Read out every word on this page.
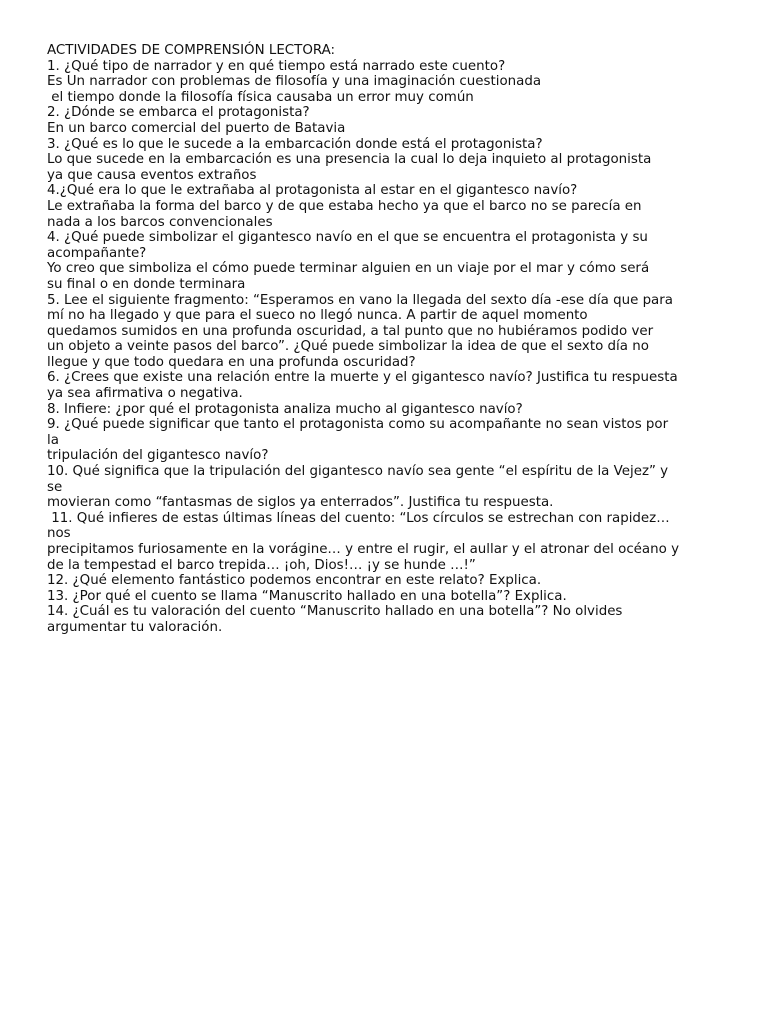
ACTIVIDADES DE COMPRENSIÓN LECTORA:
1. ¿Qué tipo de narrador y en qué tiempo está narrado este cuento?
Es Un narrador con problemas de filosofía y una imaginación cuestionada
el tiempo donde la filosofía física causaba un error muy común
2. ¿Dónde se embarca el protagonista?
En un barco comercial del puerto de Batavia
3. ¿Qué es lo que le sucede a la embarcación donde está el protagonista?
Lo que sucede en la embarcación es una presencia la cual lo deja inquieto al protagonista
ya que causa eventos extraños
4.¿Qué era lo que le extrañaba al protagonista al estar en el gigantesco navío?
Le extrañaba la forma del barco y de que estaba hecho ya que el barco no se parecía en
nada a los barcos convencionales
4. ¿Qué puede simbolizar el gigantesco navío en el que se encuentra el protagonista y su
acompañante?
Yo creo que simboliza el cómo puede terminar alguien en un viaje por el mar y cómo será
su final o en donde terminara
5. Lee el siguiente fragmento: “Esperamos en vano la llegada del sexto día -ese día que para
mí no ha llegado y que para el sueco no llegó nunca. A partir de aquel momento
quedamos sumidos en una profunda oscuridad, a tal punto que no hubiéramos podido ver
un objeto a veinte pasos del barco”. ¿Qué puede simbolizar la idea de que el sexto día no
llegue y que todo quedara en una profunda oscuridad?
6. ¿Crees que existe una relación entre la muerte y el gigantesco navío? Justifica tu respuesta
ya sea afirmativa o negativa.
8. Infiere: ¿por qué el protagonista analiza mucho al gigantesco navío?
9. ¿Qué puede significar que tanto el protagonista como su acompañante no sean vistos por
la
tripulación del gigantesco navío?
10. Qué significa que la tripulación del gigantesco navío sea gente “el espíritu de la Vejez” y
se
movieran como “fantasmas de siglos ya enterrados”. Justifica tu respuesta.
11. Qué infieres de estas últimas líneas del cuento: “Los círculos se estrechan con rapidez…
nos
precipitamos furiosamente en la vorágine… y entre el rugir, el aullar y el atronar del océano y
de la tempestad el barco trepida… ¡oh, Dios!… ¡y se hunde …!”
12. ¿Qué elemento fantástico podemos encontrar en este relato? Explica.
13. ¿Por qué el cuento se llama “Manuscrito hallado en una botella”? Explica.
14. ¿Cuál es tu valoración del cuento “Manuscrito hallado en una botella”? No olvides
argumentar tu valoración.
